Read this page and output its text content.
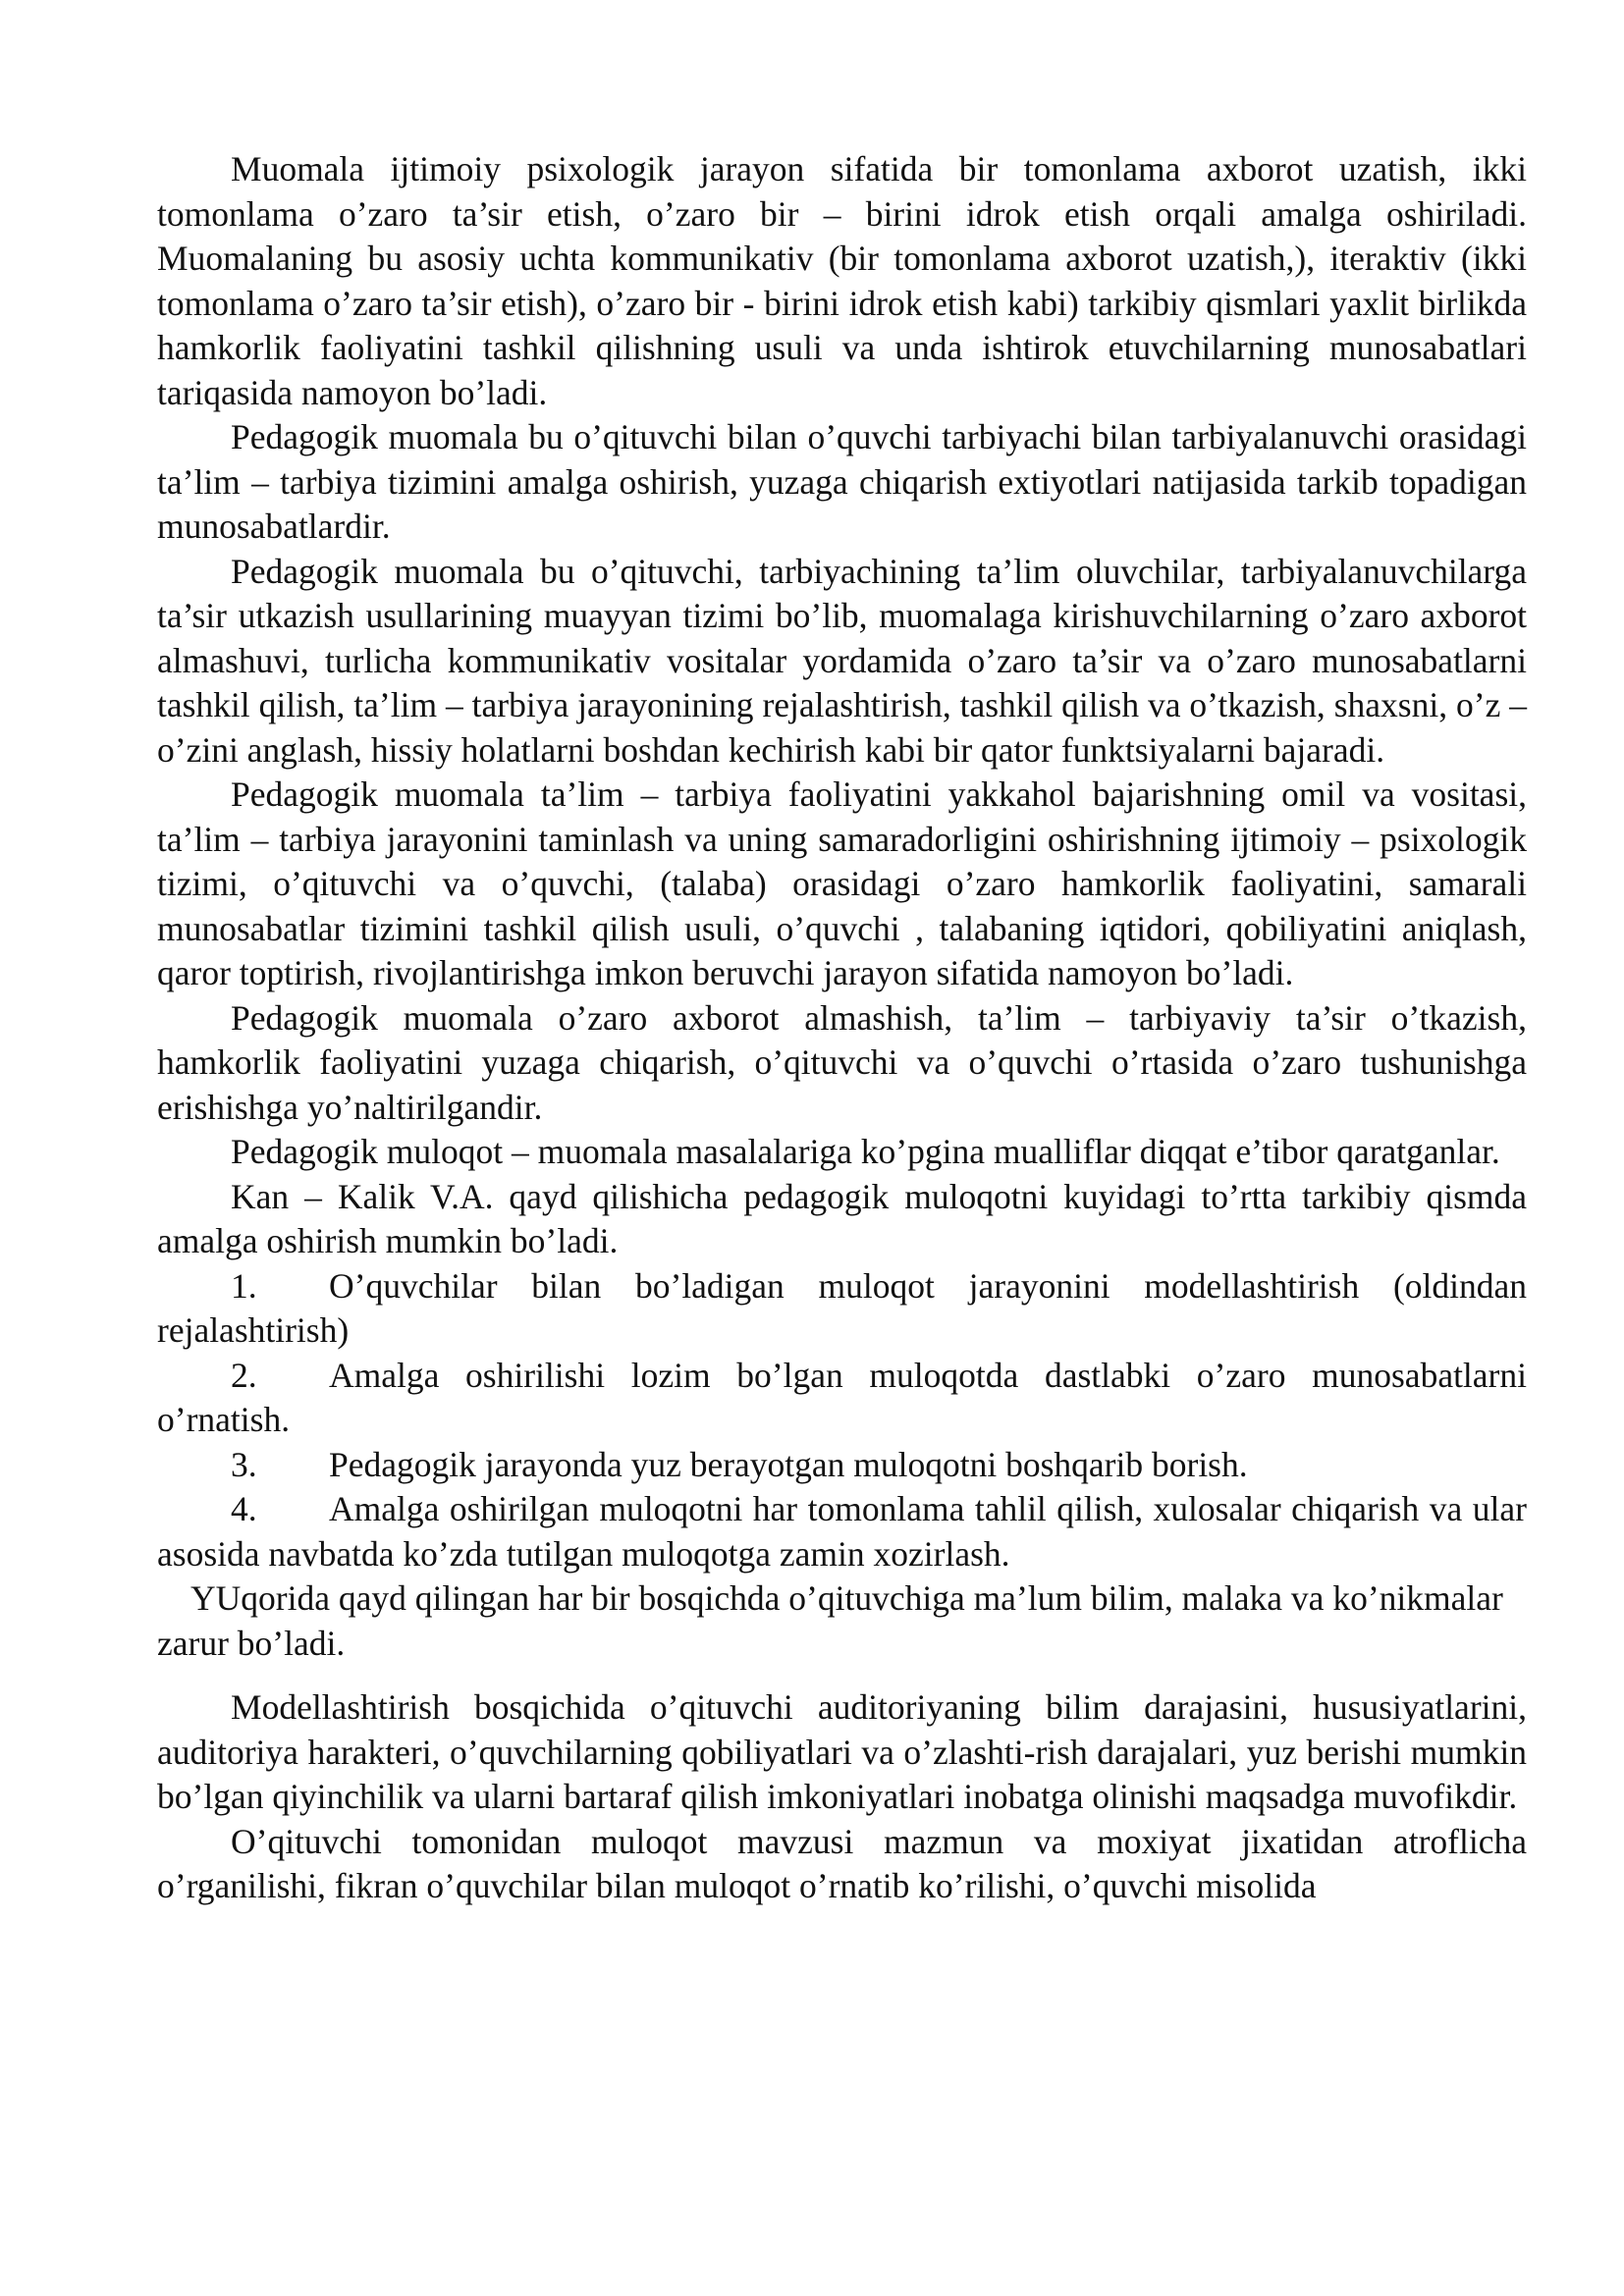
Muomala ijtimoiy psixologik jarayon sifatida bir tomonlama axborot uzatish, ikki tomonlama o’zaro ta’sir etish, o’zaro bir – birini idrok etish orqali amalga oshiriladi. Muomalaning bu asosiy uchta kommunikativ (bir tomonlama axborot uzatish,), iteraktiv (ikki tomonlama o’zaro ta’sir etish), o’zaro bir - birini idrok etish kabi) tarkibiy qismlari yaxlit birlikda hamkorlik faoliyatini tashkil qilishning usuli va unda ishtirok etuvchilarning munosabatlari tariqasida namoyon bo’ladi.

Pedagogik muomala bu o’qituvchi bilan o’quvchi tarbiyachi bilan tarbiyalanuvchi orasidagi ta’lim – tarbiya tizimini amalga oshirish, yuzaga chiqarish extiyotlari natijasida tarkib topadigan munosabatlardir.

Pedagogik muomala bu o’qituvchi, tarbiyachining ta’lim oluvchilar, tarbiyalanuvchilarga ta’sir utkazish usullarining muayyan tizimi bo’lib, muomalaga kirishuvchilarning o’zaro axborot almashuvi, turlicha kommunikativ vositalar yordamida o’zaro ta’sir va o’zaro munosabatlarni tashkil qilish, ta’lim – tarbiya jarayonining rejalashtirish, tashkil qilish va o’tkazish, shaxsni, o’z – o’zini anglash, hissiy holatlarni boshdan kechirish kabi bir qator funktsiyalarni bajaradi.

Pedagogik muomala ta’lim – tarbiya faoliyatini yakkahol bajarishning omil va vositasi, ta’lim – tarbiya jarayonini taminlash va uning samaradorligini oshirishning ijtimoiy – psixologik tizimi, o’qituvchi va o’quvchi, (talaba) orasidagi o’zaro hamkorlik faoliyatini, samarali munosabatlar tizimini tashkil qilish usuli, o’quvchi , talabaning iqtidori, qobiliyatini aniqlash, qaror toptirish, rivojlantirishga imkon beruvchi jarayon sifatida namoyon bo’ladi.

Pedagogik muomala o’zaro axborot almashish, ta’lim – tarbiyaviy ta’sir o’tkazish, hamkorlik faoliyatini yuzaga chiqarish, o’qituvchi va o’quvchi o’rtasida o’zaro tushunishga erishishga yo’naltirilgandir.

Pedagogik muloqot – muomala masalalariga ko’pgina mualliflar diqqat e’tibor qaratganlar.

Kan – Kalik V.A. qayd qilishicha pedagogik muloqotni kuyidagi to’rtta tarkibiy qismda amalga oshirish mumkin bo’ladi.

1. O’quvchilar bilan bo’ladigan muloqot jarayonini modellashtirish (oldindan rejalashtirish)

2. Amalga oshirilishi lozim bo’lgan muloqotda dastlabki o’zaro munosabatlarni o’rnatish.

3. Pedagogik jarayonda yuz berayotgan muloqotni boshqarib borish.

4. Amalga oshirilgan muloqotni har tomonlama tahlil qilish, xulosalar chiqarish va ular asosida navbatda ko’zda tutilgan muloqotga zamin xozirlash.

YUqorida qayd qilingan har bir bosqichda o’qituvchiga ma’lum bilim, malaka va ko’nikmalar zarur bo’ladi.

Modellashtirish bosqichida o’qituvchi auditoriyaning bilim darajasini, hususiyatlarini, auditoriya harakteri, o’quvchilarning qobiliyatlari va o’zlashti-rish darajalari, yuz berishi mumkin bo’lgan qiyinchilik va ularni bartaraf qilish imkoniyatlari inobatga olinishi maqsadga muvofikdir.

O’qituvchi tomonidan muloqot mavzusi mazmun va moxiyat jixatidan atroflicha o’rganilishi, fikran o’quvchilar bilan muloqot o’rnatib ko’rilishi, o’quvchi misolida
